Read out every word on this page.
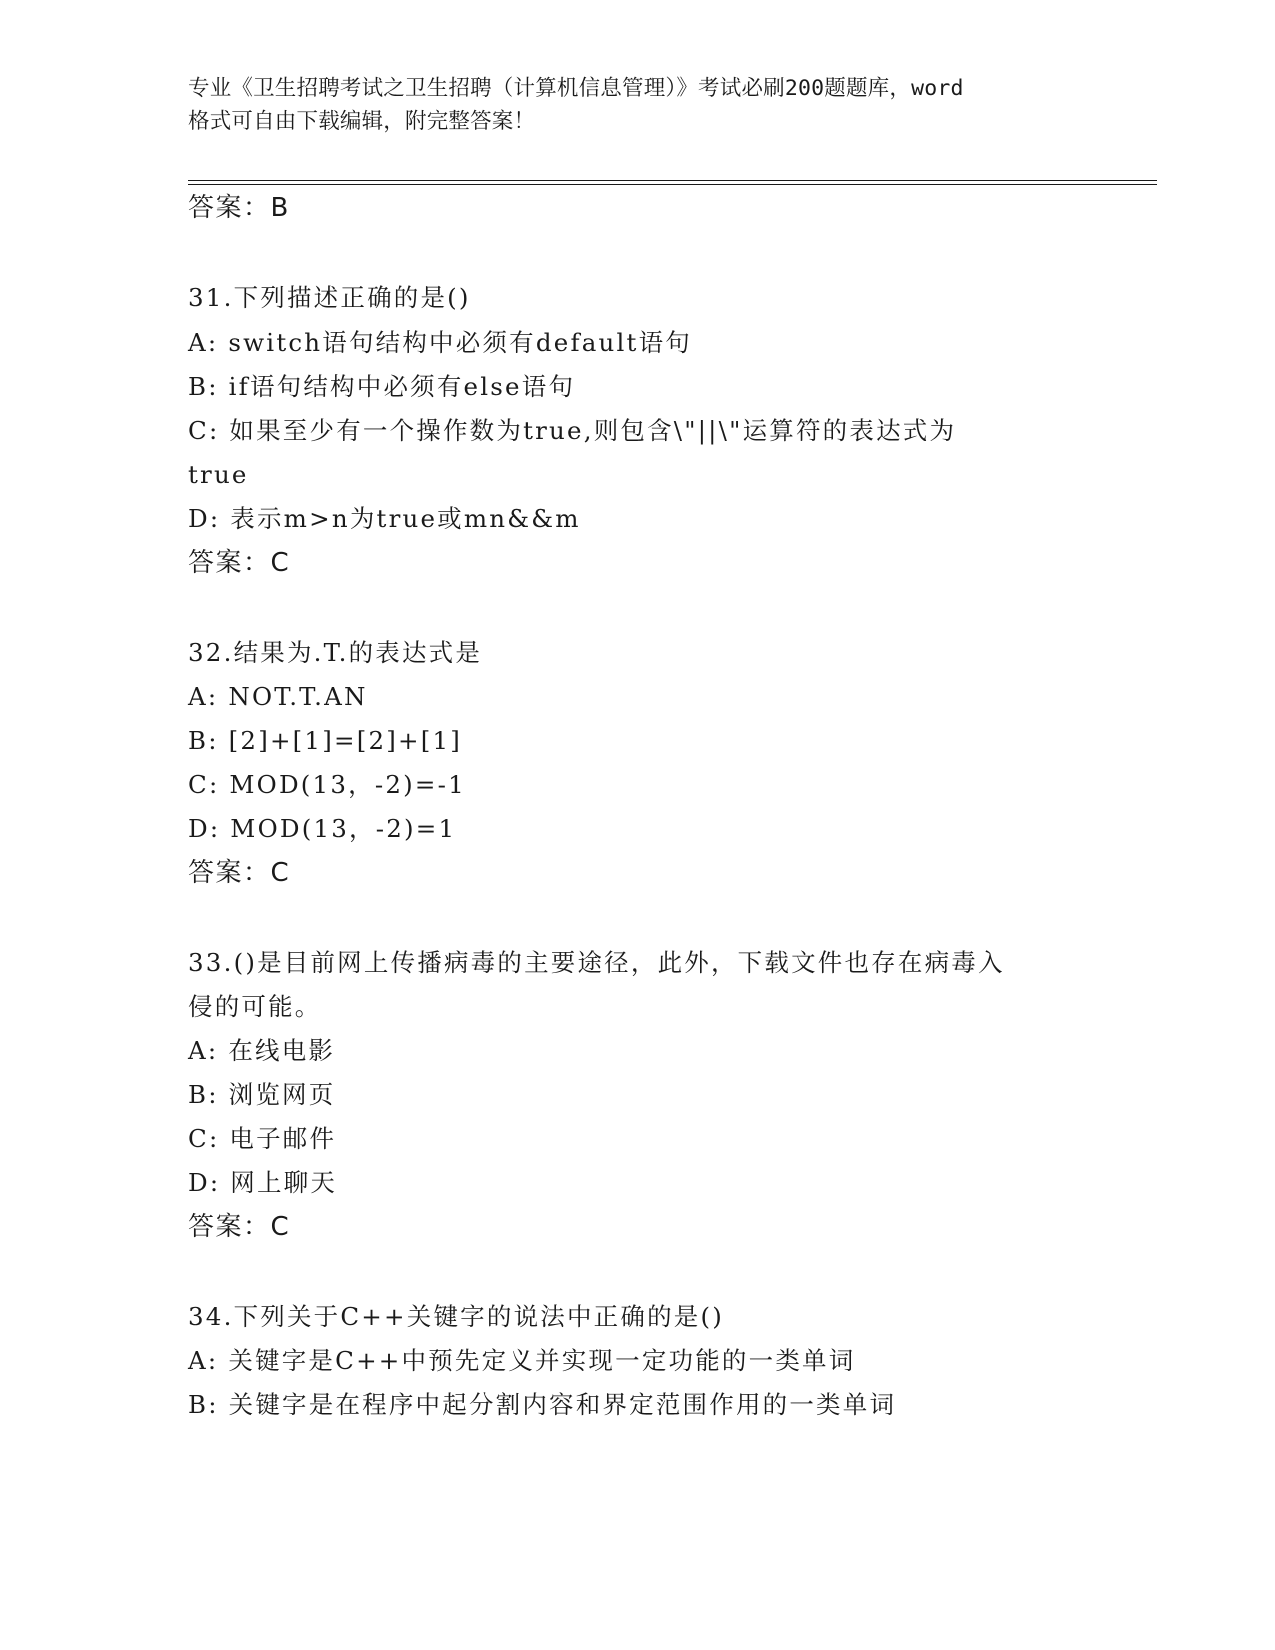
专业《卫生招聘考试之卫生招聘（计算机信息管理）》考试必刷200题题库，word
格式可自由下载编辑，附完整答案！
答案：B
31.下列描述正确的是()
A: switch语句结构中必须有default语句
B: if语句结构中必须有else语句
C: 如果至少有一个操作数为true,则包含\"||\"运算符的表达式为
true
D: 表示m>n为true或mn&&m
答案：C
32.结果为.T.的表达式是
A: NOT.T.AN
B: [2]+[1]=[2]+[1]
C: MOD(13，-2)=-1
D: MOD(13，-2)=1
答案：C
33.()是目前网上传播病毒的主要途径，此外，下载文件也存在病毒入
侵的可能。
A: 在线电影
B: 浏览网页
C: 电子邮件
D: 网上聊天
答案：C
34.下列关于C++关键字的说法中正确的是()
A: 关键字是C++中预先定义并实现一定功能的一类单词
B: 关键字是在程序中起分割内容和界定范围作用的一类单词
